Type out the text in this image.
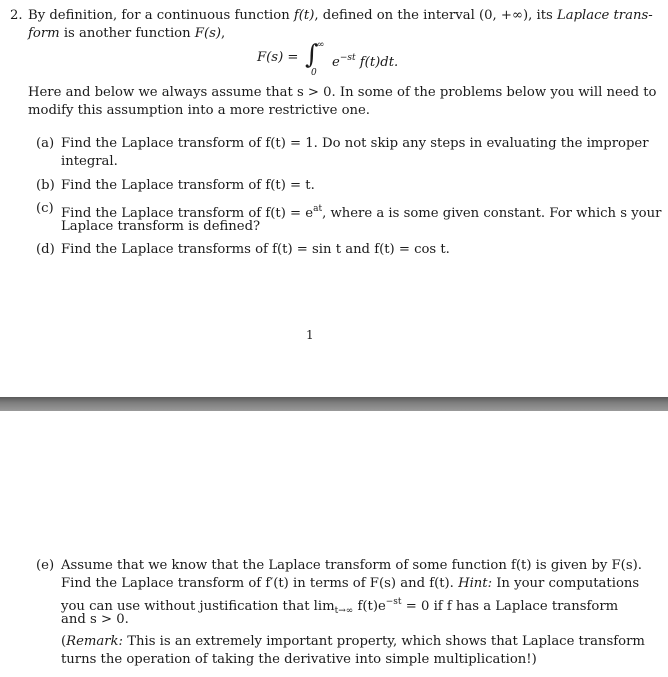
2. By definition, for a continuous function f(t), defined on the interval (0, +∞), its Laplace trans-
form is another function F(s),
F(s) = ∫
∞
0
$e^{-st}$ f(t)dt.
Here and below we always assume that s > 0. In some of the problems below you will need to
modify this assumption into a more restrictive one.
(a) Find the Laplace transform of f(t) = 1. Do not skip any steps in evaluating the improper
integral.
(b) Find the Laplace transform of f(t) = t.
(c) Find the Laplace transform of $f(t) = e^{at}$, where a is some given constant. For which s your
Laplace transform is defined?
(d) Find the Laplace transforms of f(t) = sin t and f(t) = cos t.
1
(e) Assume that we know that the Laplace transform of some function f(t) is given by F(s).
Find the Laplace transform of f′(t) in terms of F(s) and f(t). Hint: In your computations
you can use without justification that $\lim_{t\to\infty} f(t)e^{-st} = 0$ if f has a Laplace transform
and s > 0.
(Remark: This is an extremely important property, which shows that Laplace transform
turns the operation of taking the derivative into simple multiplication!)
